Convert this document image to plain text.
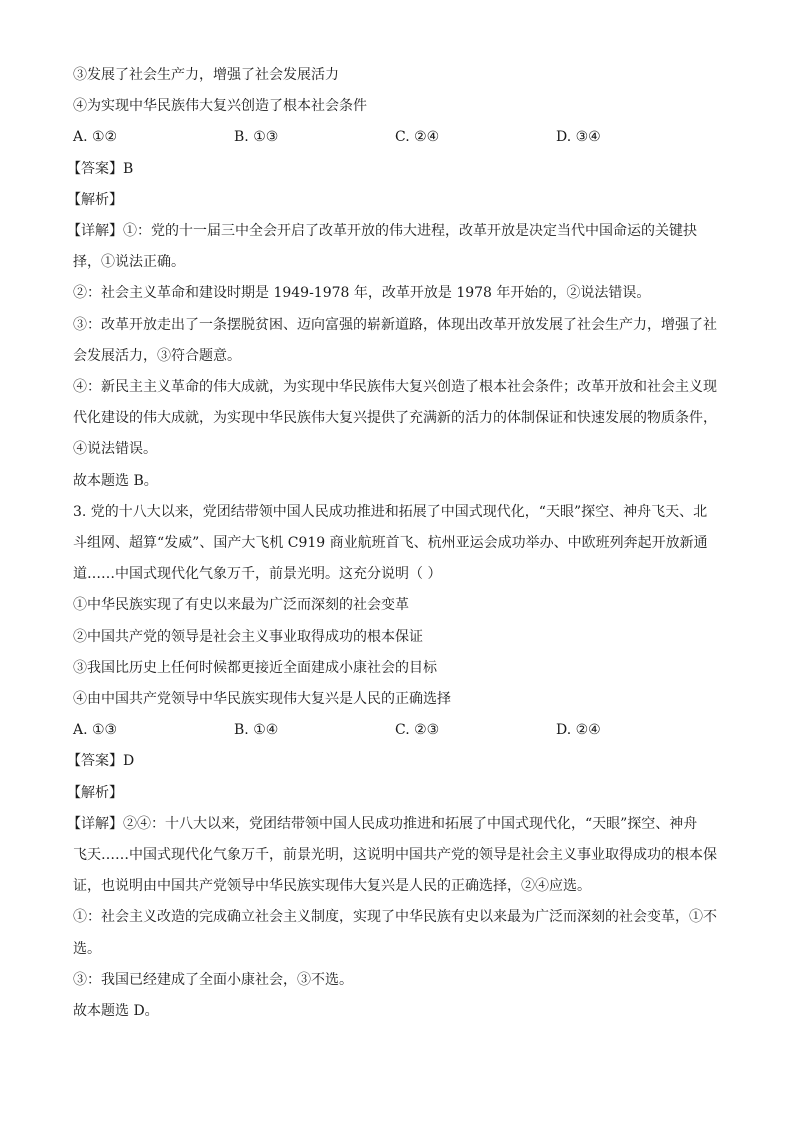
③发展了社会生产力，增强了社会发展活力
④为实现中华民族伟大复兴创造了根本社会条件
A. ①②	B. ①③	C. ②④	D. ③④
【答案】B
【解析】
【详解】①：党的十一届三中全会开启了改革开放的伟大进程，改革开放是决定当代中国命运的关键抉
择，①说法正确。
②：社会主义革命和建设时期是 1949-1978 年，改革开放是 1978 年开始的，②说法错误。
③：改革开放走出了一条摆脱贫困、迈向富强的崭新道路，体现出改革开放发展了社会生产力，增强了社
会发展活力，③符合题意。
④：新民主主义革命的伟大成就，为实现中华民族伟大复兴创造了根本社会条件；改革开放和社会主义现
代化建设的伟大成就，为实现中华民族伟大复兴提供了充满新的活力的体制保证和快速发展的物质条件，
④说法错误。
故本题选 B。
3. 党的十八大以来，党团结带领中国人民成功推进和拓展了中国式现代化，“天眼”探空、神舟飞天、北
斗组网、超算“发威”、国产大飞机 C919 商业航班首飞、杭州亚运会成功举办、中欧班列奔起开放新通
道……中国式现代化气象万千，前景光明。这充分说明（ ）
①中华民族实现了有史以来最为广泛而深刻的社会变革
②中国共产党的领导是社会主义事业取得成功的根本保证
③我国比历史上任何时候都更接近全面建成小康社会的目标
④由中国共产党领导中华民族实现伟大复兴是人民的正确选择
A. ①③	B. ①④	C. ②③	D. ②④
【答案】D
【解析】
【详解】②④：十八大以来，党团结带领中国人民成功推进和拓展了中国式现代化，“天眼”探空、神舟
飞天……中国式现代化气象万千，前景光明，这说明中国共产党的领导是社会主义事业取得成功的根本保
证，也说明由中国共产党领导中华民族实现伟大复兴是人民的正确选择，②④应选。
①：社会主义改造的完成确立社会主义制度，实现了中华民族有史以来最为广泛而深刻的社会变革，①不
选。
③：我国已经建成了全面小康社会，③不选。
故本题选 D。
